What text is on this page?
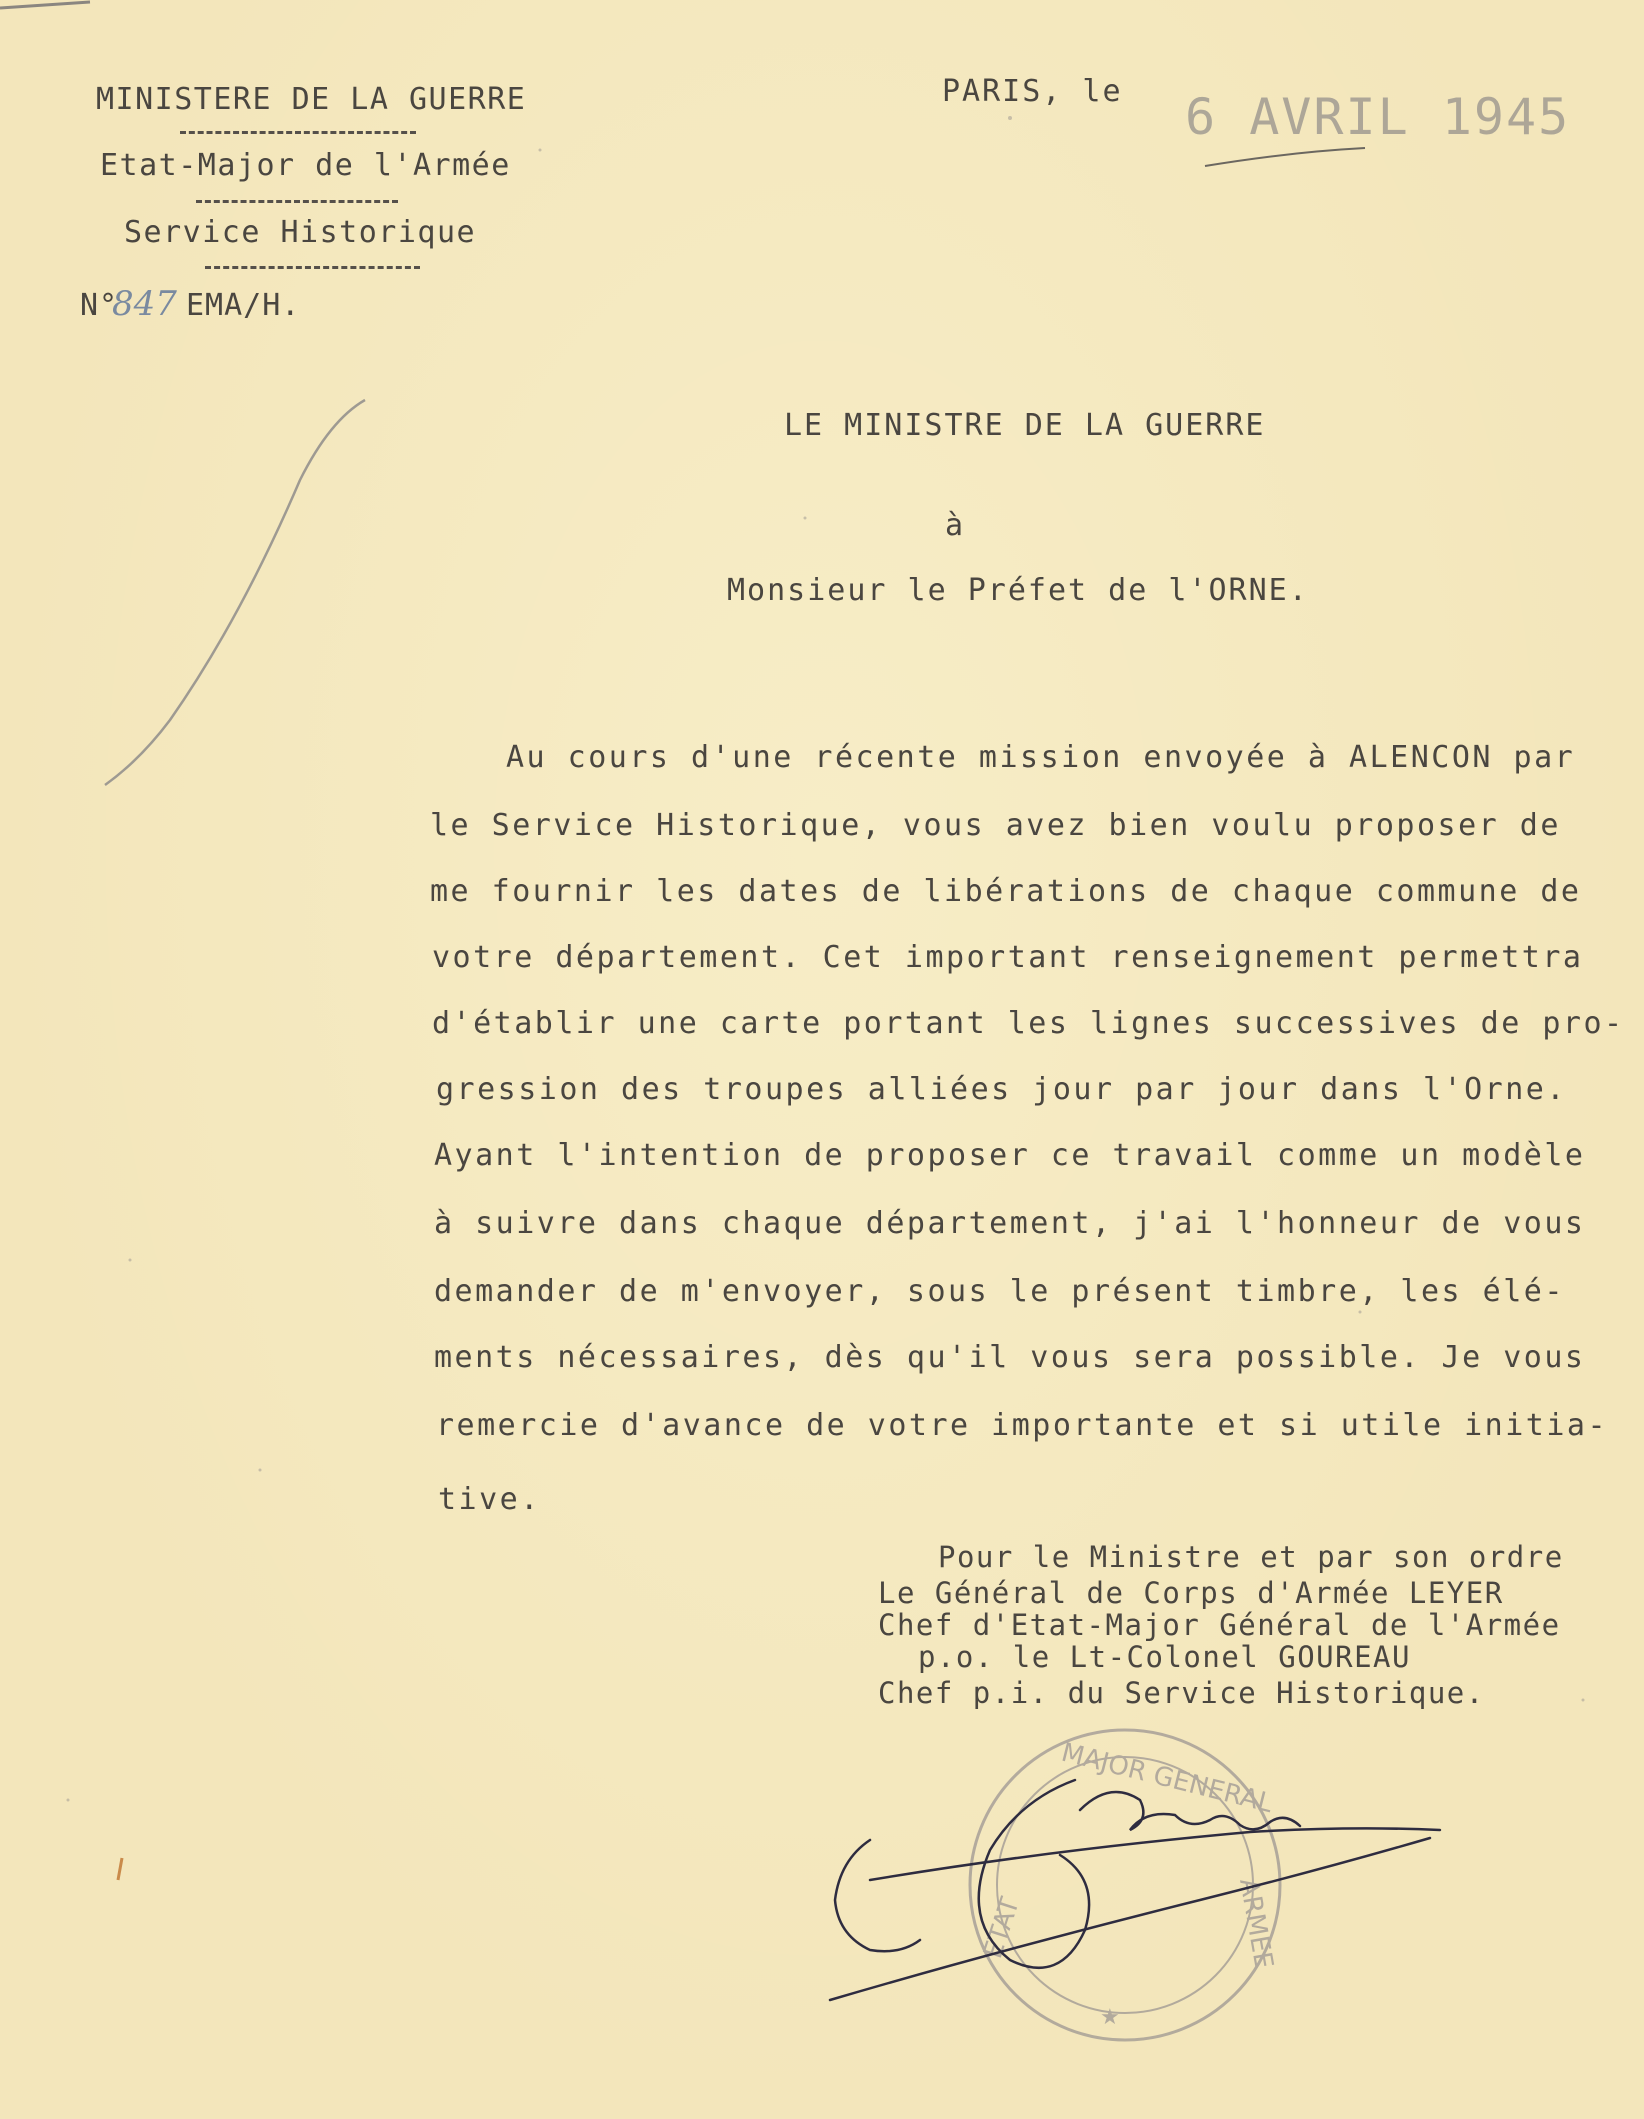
MINISTERE DE LA GUERRE
Etat-Major de l'Armée
Service Historique
N°
847 EMA/H.
PARIS, le 6 AVRIL 1945
LE MINISTRE DE LA GUERRE
à
Monsieur le Préfet de l'ORNE.
Au cours d'une récente mission envoyée à ALENCON par
le Service Historique, vous avez bien voulu proposer de
me fournir les dates de libérations de chaque commune de
votre département. Cet important renseignement permettra
d'établir une carte portant les lignes successives de pro-
gression des troupes alliées jour par jour dans l'Orne.
Ayant l'intention de proposer ce travail comme un modèle
à suivre dans chaque département, j'ai l'honneur de vous
demander de m'envoyer, sous le présent timbre, les élé-
ments nécessaires, dès qu'il vous sera possible. Je vous
remercie d'avance de votre importante et si utile initia-
tive.
Pour le Ministre et par son ordre
Le Général de Corps d'Armée LEYER
Chef d'Etat-Major Général de l'Armée
p.o. le Lt-Colonel GOUREAU
Chef p.i. du Service Historique.
MAJOR GENERAL
ETAT	ARMEE
★
